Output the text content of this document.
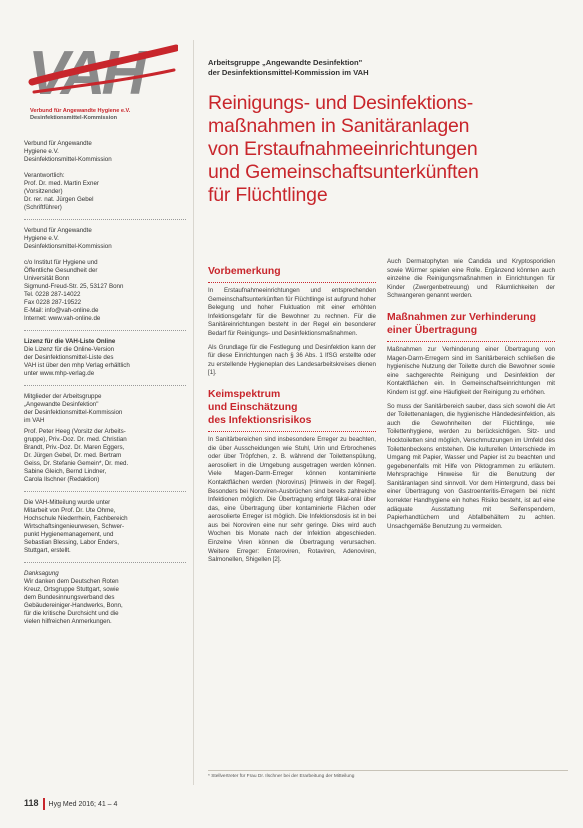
VAH
Verbund für Angewandte Hygiene e.V.
Desinfektionsmittel-Kommission

Verbund für Angewandte

Hygiene e.V.

Desinfektionsmittel-Kommission

Verantwortlich:

Prof. Dr. med. Martin Exner

(Vorsitzender)

Dr. rer. nat. Jürgen Gebel

(Schriftführer)

Verbund für Angewandte

Hygiene e.V.

Desinfektionsmittel-Kommission

c/o Institut für Hygiene und

Öffentliche Gesundheit der

Universität Bonn

Sigmund-Freud-Str. 25, 53127 Bonn

Tel. 0228 287-14022

Fax 0228 287-19522

E-Mail: info@vah-online.de

Internet: www.vah-online.de

Lizenz für die VAH-Liste Online

Die Lizenz für die Online-Version

der Desinfektionsmittel-Liste des

VAH ist über den mhp Verlag erhältlich

unter www.mhp-verlag.de

Mitglieder der Arbeitsgruppe

„Angewandte Desinfektion"

der Desinfektionsmittel-Kommission

im VAH

Prof. Peter Heeg (Vorsitz der Arbeits-

gruppe), Priv.-Doz. Dr. med. Christian

Brandt, Priv.-Doz. Dr. Maren Eggers,

Dr. Jürgen Gebel, Dr. med. Bertram

Geiss, Dr. Stefanie Gemein*, Dr. med.

Sabine Gleich, Bernd Lindner,

Carola Ilschner (Redaktion)

Die VAH-Mitteilung wurde unter

Mitarbeit von Prof. Dr. Ute Ohme,

Hochschule Niederrhein, Fachbereich

Wirtschaftsingenieurwesen, Schwer-

punkt Hygienemanagement, und

Sebastian Blessing, Labor Enders,

Stuttgart, erstellt.

Danksagung

Wir danken dem Deutschen Roten

Kreuz, Ortsgruppe Stuttgart, sowie

dem Bundesinnungsverband des

Gebäudereiniger-Handwerks, Bonn,

für die kritische Durchsicht und die

vielen hilfreichen Anmerkungen.

Arbeitsgruppe „Angewandte Desinfektion"

der Desinfektionsmittel-Kommission im VAH

Reinigungs- und Desinfektions-
maßnahmen in Sanitäranlagen
von Erstaufnahmeeinrichtungen
und Gemeinschaftsunterkünften
für Flüchtlinge
Vorbemerkung

In Erstaufnahmeeinrichtungen und entsprechenden Gemeinschaftsunterkünften für Flüchtlinge ist aufgrund hoher Belegung und hoher Fluktuation mit einer erhöhten Infektionsgefahr für die Bewohner zu rechnen. Für die Sanitäreinrichtungen besteht in der Regel ein besonderer Bedarf für Reinigungs- und Desinfektionsmaßnahmen.

Als Grundlage für die Festlegung und Desinfektion kann der für diese Einrichtungen nach § 36 Abs. 1 IfSG erstellte oder zu erstellende Hygieneplan des Landesarbeitskreises dienen [1].

Keimspektrum
und Einschätzung
des Infektionsrisikos

In Sanitärbereichen sind insbesondere Erreger zu beachten, die über Ausscheidungen wie Stuhl, Urin und Erbrochenes oder über Tröpfchen, z. B. während der Toilettenspülung, aerosoliert in die Umgebung ausgetragen werden können. Viele Magen-Darm-Erreger können kontaminierte Kontaktflächen werden (Norovirus) [Hinweis in der Regel]. Besonders bei Noroviren-Ausbrüchen sind bereits zahlreiche Infektionen möglich. Die Übertragung erfolgt fäkal-oral über das, eine Übertragung über kontaminierte Flächen oder aerosolierte Erreger ist möglich. Die Infektionsdosis ist in bei aus bei Noroviren eine nur sehr geringe. Dies wird auch Wochen bis Monate nach der Infektion abgeschieden. Einzelne Viren können die Übertragung verursachen. Weitere Erreger: Enteroviren, Rotaviren, Adenoviren, Salmonellen, Shigellen [2].

Auch Dermatophyten wie Candida und Kryptosporidien sowie Würmer spielen eine Rolle. Ergänzend könnten auch einzelne die Reinigungsmaßnahmen in Einrichtungen für Kinder (Zwergenbetreuung) und Räumlichkeiten der Schwangeren genannt werden.

Maßnahmen zur Verhinderung
einer Übertragung

Maßnahmen zur Verhinderung einer Übertragung von Magen-Darm-Erregern sind im Sanitärbereich schließen die hygienische Nutzung der Toilette durch die Bewohner sowie eine sachgerechte Reinigung und Desinfektion der Kontaktflächen ein. In Gemeinschaftseinrichtungen mit Kindern ist ggf. eine Häufigkeit der Reinigung zu erhöhen.

So muss der Sanitärbereich sauber, dass sich sowohl die Art der Toilettenanlagen, die hygienische Händedesinfektion, als auch die Gewohnheiten der Flüchtlinge, wie Toilettenhygiene, werden zu berücksichtigen. Sitz- und Hocktoiletten sind möglich, Verschmutzungen im Umfeld des Toilettenbeckens entstehen. Die kulturellen Unterschiede im Umgang mit Papier, Wasser und Papier ist zu beachten und gegebenenfalls mit Hilfe von Piktogrammen zu erläutern. Mehrsprachige Hinweise für die Benutzung der Sanitäranlagen sind sinnvoll. Vor dem Hintergrund, dass bei einer Übertragung von Gastroenteritis-Erregern bei nicht korrekter Handhygiene ein hohes Risiko besteht, ist auf eine adäquate Ausstattung mit Seifenspendern, Papierhandtüchern und Abfallbehältern zu achten. Unsachgemäße Benutzung zu vermeiden.

* Stellvertreter für Frau Dr. Ilschner bei der Erarbeitung der Mitteilung
118 Hyg Med 2016; 41 – 4
